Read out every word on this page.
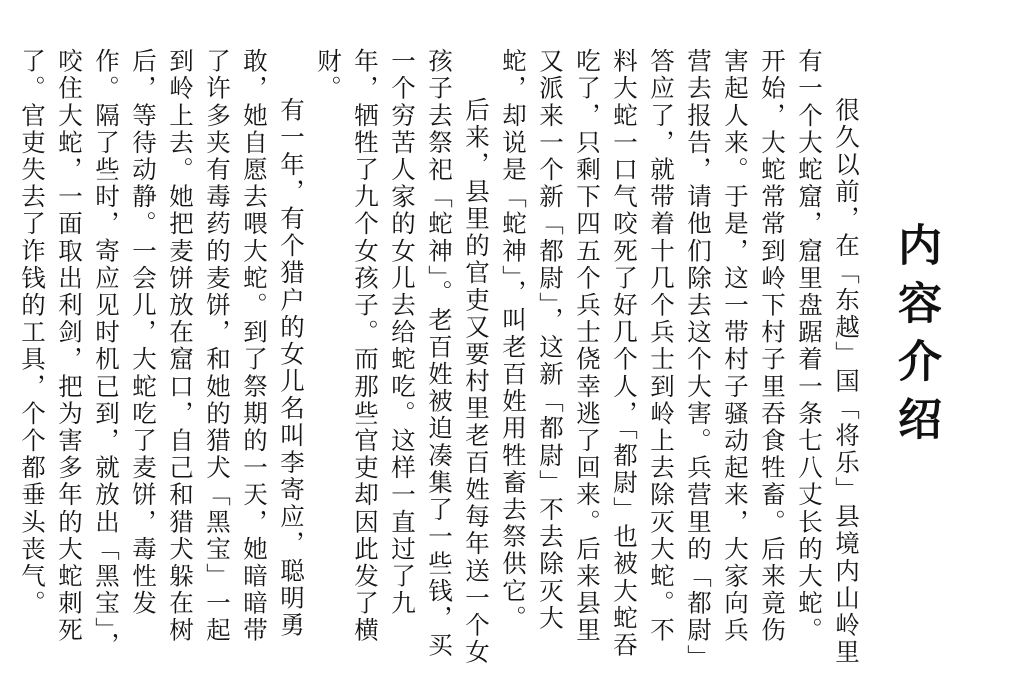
内容介绍

很久以前，在「东越」国「将乐」县境内山岭里有一个大蛇窟，窟里盘踞着一条七八丈长的大蛇。开始，大蛇常常到岭下村子里吞食牲畜。后来竟伤害起人来。于是，这一带村子骚动起来，大家向兵营去报告，请他们除去这个大害。兵营里的「都尉」答应了，就带着十几个兵士到岭上去除灭大蛇。不料大蛇一口气咬死了好几个人，「都尉」也被大蛇吞吃了，只剩下四五个兵士侥幸逃了回来。后来县里又派来一个新「都尉」，这新「都尉」不去除灭大蛇，却说是「蛇神」，叫老百姓用牲畜去祭供它。

后来，县里的官吏又要村里老百姓每年送一个女孩子去祭祀「蛇神」。老百姓被迫凑集了一些钱，买一个穷苦人家的女儿去给蛇吃。这样一直过了九年，牺牲了九个女孩子。而那些官吏却因此发了横财。

有一年，有个猎户的女儿名叫李寄应，聪明勇敢，她自愿去喂大蛇。到了祭期的一天，她暗暗带了许多夹有毒药的麦饼，和她的猎犬「黑宝」一起到岭上去。她把麦饼放在窟口，自己和猎犬躲在树后，等待动静。一会儿，大蛇吃了麦饼，毒性发作。隔了些时，寄应见时机已到，就放出「黑宝」，咬住大蛇，一面取出利剑，把为害多年的大蛇刺死了。官吏失去了诈钱的工具，个个都垂头丧气。
